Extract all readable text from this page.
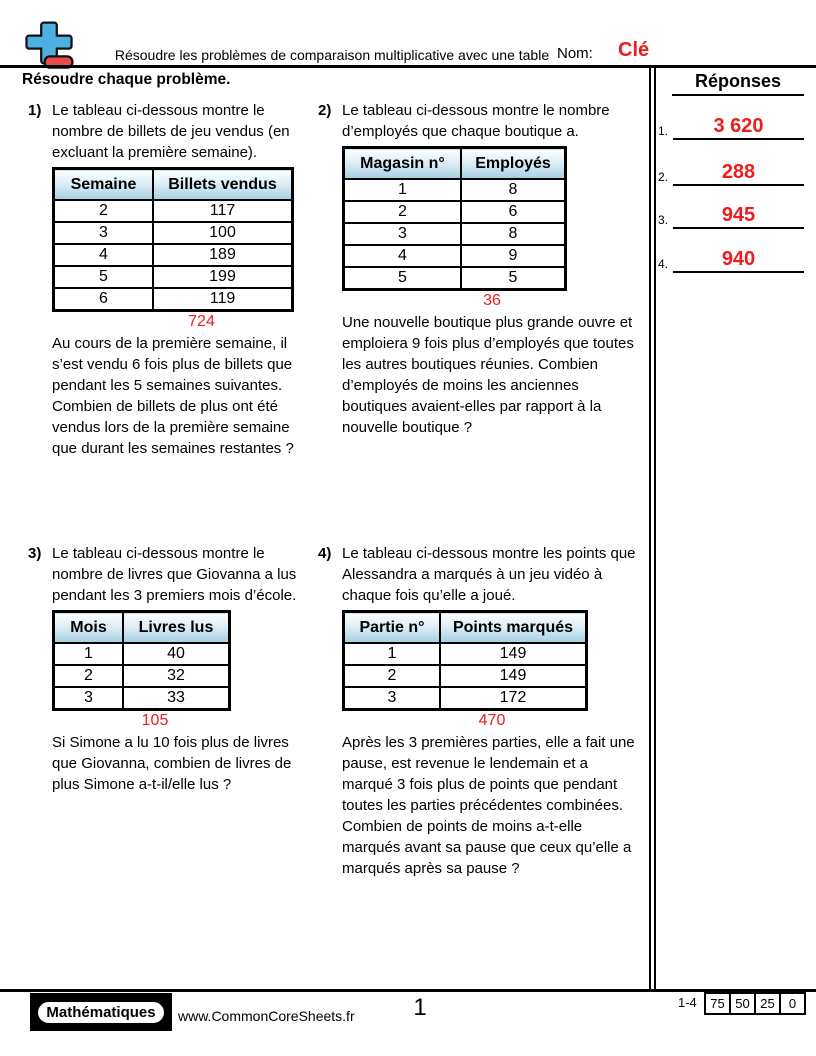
Résoudre les problèmes de comparaison multiplicative avec une table Nom: Clé
Résoudre chaque problème.	Réponses
1.	3 620
2.	288
3.	945
4.	940
1) Le tableau ci-dessous montre le nombre de billets de jeu vendus (en excluant la première semaine).

Semaine	Billets vendus
2	117
3	100
4	189
5	199
6	119
724

Au cours de la première semaine, il s’est vendu 6 fois plus de billets que pendant les 5 semaines suivantes. Combien de billets de plus ont été vendus lors de la première semaine que durant les semaines restantes ?

2) Le tableau ci-dessous montre le nombre d’employés que chaque boutique a.

Magasin n°	Employés
1	8
2	6
3	8
4	9
5	5
36

Une nouvelle boutique plus grande ouvre et emploiera 9 fois plus d’employés que toutes les autres boutiques réunies. Combien d’employés de moins les anciennes boutiques avaient-elles par rapport à la nouvelle boutique ?

3) Le tableau ci-dessous montre le nombre de livres que Giovanna a lus pendant les 3 premiers mois d’école.

Mois	Livres lus
1	40
2	32
3	33
105

Si Simone a lu 10 fois plus de livres que Giovanna, combien de livres de plus Simone a-t-il/elle lus ?

4) Le tableau ci-dessous montre les points que Alessandra a marqués à un jeu vidéo à chaque fois qu’elle a joué.

Partie n°	Points marqués
1	149
2	149
3	172
470

Après les 3 premières parties, elle a fait une pause, est revenue le lendemain et a marqué 3 fois plus de points que pendant toutes les parties précédentes combinées. Combien de points de moins a-t-elle marqués avant sa pause que ceux qu’elle a marqués après sa pause ?

Mathématiques	www.CommonCoreSheets.fr	1	1-4 75	50	25	0
